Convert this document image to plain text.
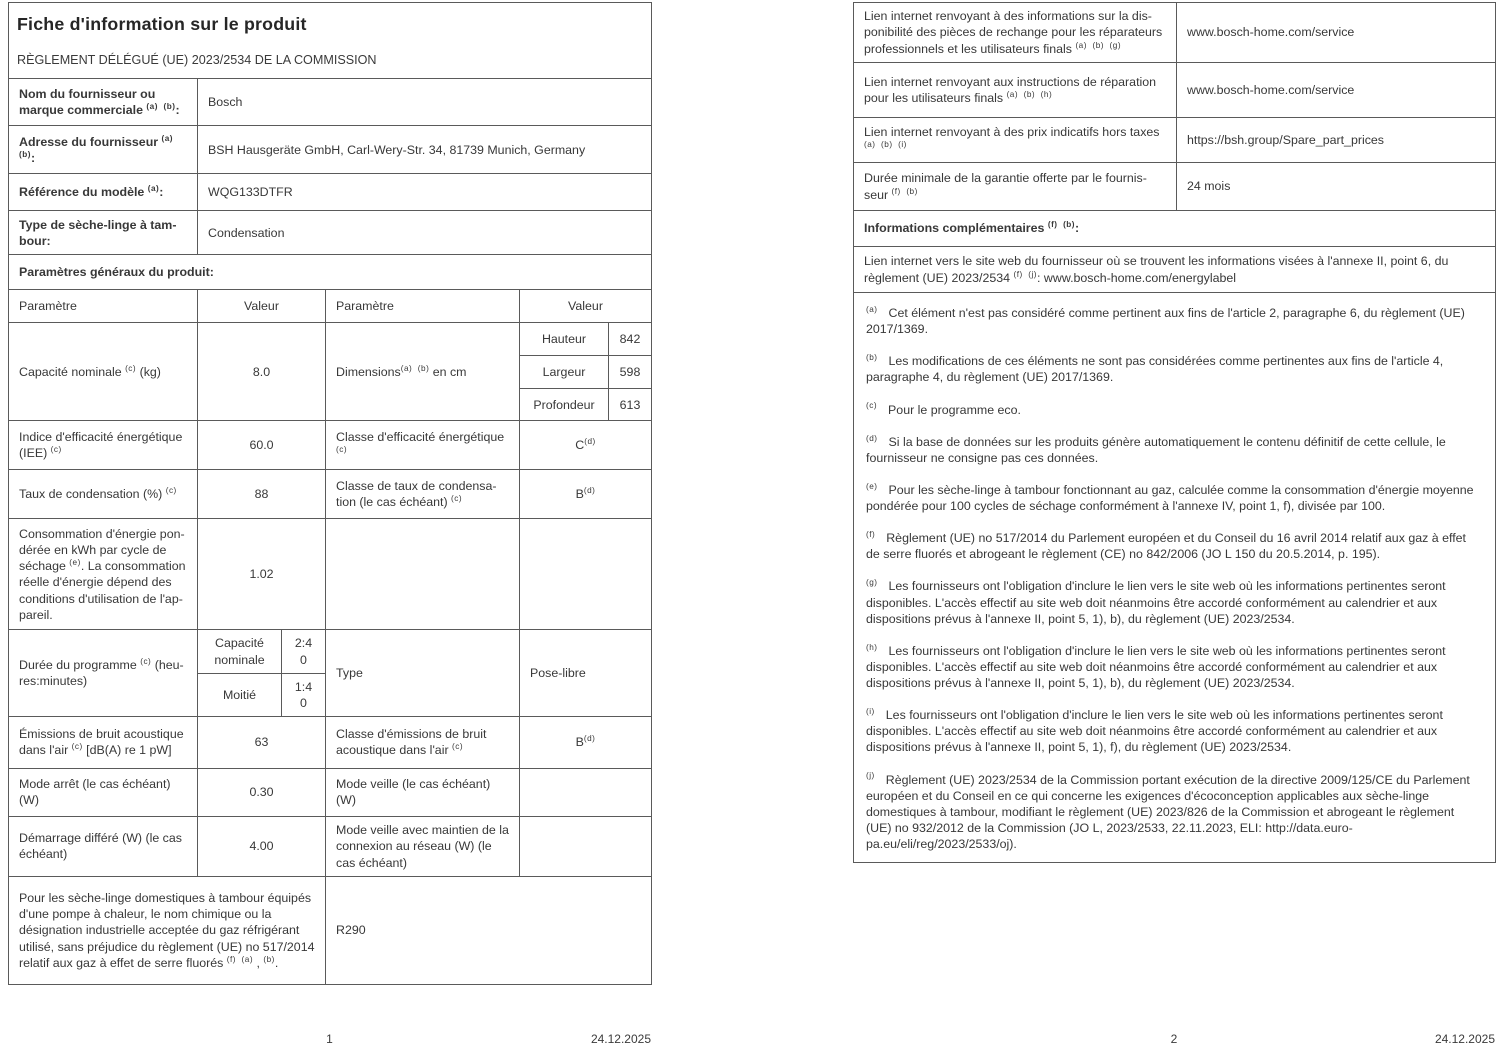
Fiche d'information sur le produit
RÈGLEMENT DÉLÉGUÉ (UE) 2023/2534 DE LA COMMISSION					

Nom du fournisseur ou marque commerciale $^{(a) (b)}$:	Bosch				
Adresse du fournisseur $^{(a) (b)}$:	BSH Hausgeräte GmbH, Carl-Wery-Str. 34, 81739 Munich, Germany				
Référence du modèle $^{(a)}$:	WQG133DTFR				
Type de sèche-linge à tambour:	Condensation				
Paramètres généraux du produit:					
Paramètre	Valeur		Paramètre	Valeur	
Capacité nominale $^{(c)}$ (kg)	8.0		Dimensions$^{(a) (b)}$ en cm	Hauteur	842
				Largeur	598
				Profondeur	613
Indice d'efficacité énergétique (IEE) $^{(c)}$	60.0		Classe d'efficacité énergétique $^{(c)}$	$C^{(d)}$
Taux de condensation (%) $^{(c)}$	88		Classe de taux de condensation (le cas échéant) $^{(c)}$	$B^{(d)}$
Consommation d'énergie pondérée en kWh par cycle de séchage $^{(e)}$. La consommation réelle d'énergie dépend des conditions d'utilisation de l'appareil.	1.02				
Durée du programme $^{(c)}$ (heures:minutes)	Capacité nominale	2:40	Type	Pose-libre	
	Moitié	1:40			
Émissions de bruit acoustique dans l'air $^{(c)}$ [dB(A) re 1 pW]	63		Classe d'émissions de bruit acoustique dans l'air $^{(c)}$	$B^{(d)}$
Mode arrêt (le cas échéant) (W)	0.30		Mode veille (le cas échéant) (W)		
Démarrage différé (W) (le cas échéant)	4.00		Mode veille avec maintien de la connexion au réseau (W) (le cas échéant)		
Pour les sèche-linge domestiques à tambour équipés d'une pompe à chaleur, le nom chimique ou la désignation industrielle acceptée du gaz réfrigérant utilisé, sans préjudice du règlement (UE) no 517/2014 relatif aux gaz à effet de serre fluorés $^{(f) (a)}$ , $^{(b)}$.			R290		
Lien internet renvoyant à des informations sur la disponibilité des pièces de rechange pour les réparateurs professionnels et les utilisateurs finals $^{(a) (b) (g)}$	www.bosch-home.com/service
Lien internet renvoyant aux instructions de réparation pour les utilisateurs finals $^{(a) (b) (h)}$	www.bosch-home.com/service
Lien internet renvoyant à des prix indicatifs hors taxes $^{(a) (b) (i)}$	https://bsh.group/Spare_part_prices
Durée minimale de la garantie offerte par le fournisseur $^{(f) (b)}$	24 mois
Informations complémentaires $^{(f) (b)}$:	
Lien internet vers le site web du fournisseur où se trouvent les informations visées à l'annexe II, point 6, du règlement (UE) 2023/2534 $^{(f) (j)}$: www.bosch-home.com/energylabel	

$^{(a)}$ Cet élément n'est pas considéré comme pertinent aux fins de l'article 2, paragraphe 6, du règlement (UE) 2017/1369.

$^{(b)}$ Les modifications de ces éléments ne sont pas considérées comme pertinentes aux fins de l'article 4, paragraphe 4, du règlement (UE) 2017/1369.

$^{(c)}$ Pour le programme eco.

$^{(d)}$ Si la base de données sur les produits génère automatiquement le contenu définitif de cette cellule, le fournisseur ne consigne pas ces données.

$^{(e)}$ Pour les sèche-linge à tambour fonctionnant au gaz, calculée comme la consommation d'énergie moyenne pondérée pour 100 cycles de séchage conformément à l'annexe IV, point 1, f), divisée par 100.

$^{(f)}$ Règlement (UE) no 517/2014 du Parlement européen et du Conseil du 16 avril 2014 relatif aux gaz à effet de serre fluorés et abrogeant le règlement (CE) no 842/2006 (JO L 150 du 20.5.2014, p. 195).

$^{(g)}$ Les fournisseurs ont l'obligation d'inclure le lien vers le site web où les informations pertinentes seront disponibles. L'accès effectif au site web doit néanmoins être accordé conformément au calendrier et aux dispositions prévus à l'annexe II, point 5, 1), b), du règlement (UE) 2023/2534.

$^{(h)}$ Les fournisseurs ont l'obligation d'inclure le lien vers le site web où les informations pertinentes seront disponibles. L'accès effectif au site web doit néanmoins être accordé conformément au calendrier et aux dispositions prévus à l'annexe II, point 5, 1), b), du règlement (UE) 2023/2534.

$^{(i)}$ Les fournisseurs ont l'obligation d'inclure le lien vers le site web où les informations pertinentes seront disponibles. L'accès effectif au site web doit néanmoins être accordé conformément au calendrier et aux dispositions prévus à l'annexe II, point 5, 1), f), du règlement (UE) 2023/2534.

$^{(j)}$ Règlement (UE) 2023/2534 de la Commission portant exécution de la directive 2009/125/CE du Parlement européen et du Conseil en ce qui concerne les exigences d'écoconception applicables aux sèche-linge domestiques à tambour, modifiant le règlement (UE) 2023/826 de la Commission et abrogeant le règlement (UE) no 932/2012 de la Commission (JO L, 2023/2533, 22.11.2023, ELI: http://data.europa.eu/eli/reg/2023/2533/oj).

1	24.12.2025	2	24.12.2025
